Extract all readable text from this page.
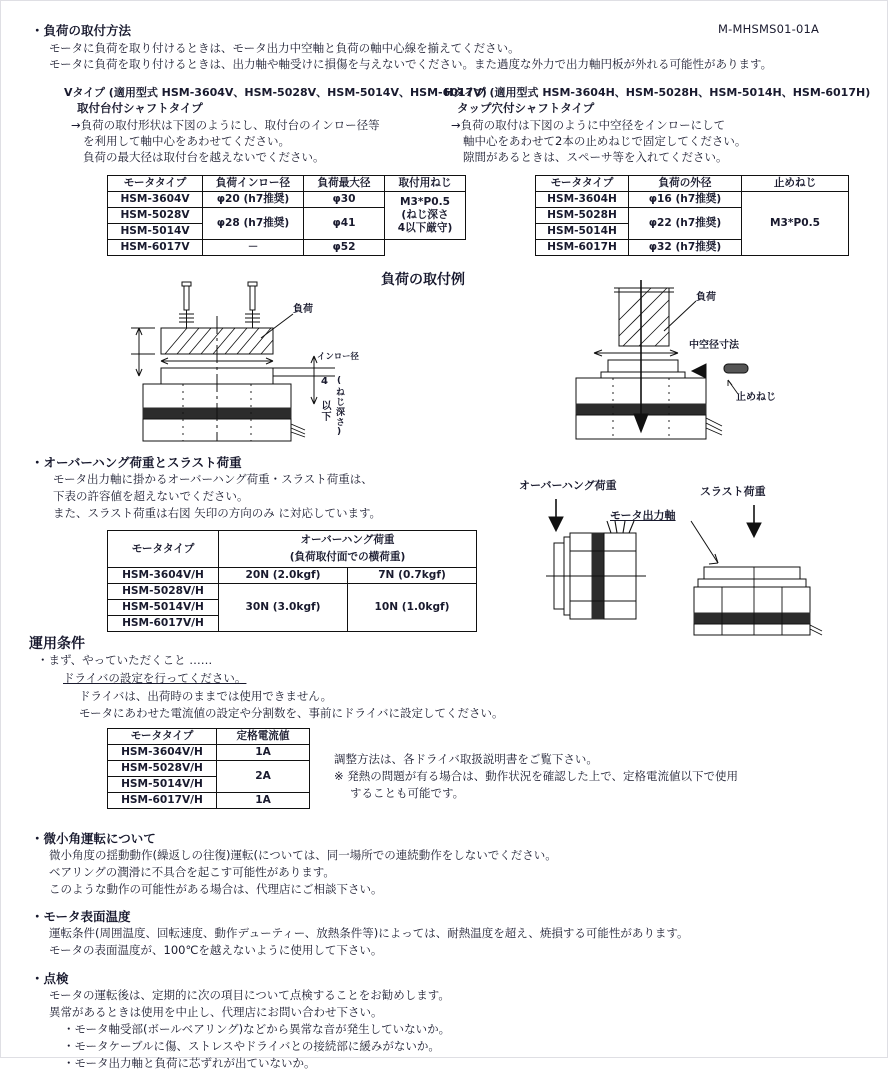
・負荷の取付方法	M-MHSMS01-01A
モータに負荷を取り付けるときは、モータ出力中空軸と負荷の軸中心線を揃えてください。
モータに負荷を取り付けるときは、出力軸や軸受けに損傷を与えないでください。また過度な外力で出力軸円板が外れる可能性があります。
Vタイプ (適用型式 HSM-3604V、HSM-5028V、HSM-5014V、HSM-6017V)
取付台付シャフトタイプ
→負荷の取付形状は下図のようにし、取付台のインロー径等
を利用して軸中心をあわせてください。
負荷の最大径は取付台を越えないでください。
Hタイプ (適用型式 HSM-3604H、HSM-5028H、HSM-5014H、HSM-6017H)
タップ穴付シャフトタイプ
→負荷の取付は下図のように中空径をインローにして
軸中心をあわせて2本の止めねじで固定してください。
隙間があるときは、スペーサ等を入れてください。
モータタイプ	負荷インロー径	負荷最大径	取付用ねじ
HSM-3604V	φ20 (h7推奨)	φ30	M3*P0.5
(ねじ深さ
4以下厳守)

HSM-5028V	φ28 (h7推奨)	φ41	
HSM-5014V			
HSM-6017V	－	φ52	
モータタイプ	負荷の外径	止めねじ
HSM-3604H	φ16 (h7推奨)	M3*P0.5
HSM-5028H	φ22 (h7推奨)	
HSM-5014H		
HSM-6017H	φ32 (h7推奨)	
負荷の取付例
負荷
インロー径
4 以下 (ねじ深さ)
負荷
中空径寸法
止めねじ
・オーバーハング荷重とスラスト荷重
モータ出力軸に掛かるオーバーハング荷重・スラスト荷重は、
下表の許容値を超えないでください。
また、スラスト荷重は右図 矢印の方向のみ に対応しています。
モータタイプ	オーバーハング荷重	
	(負荷取付面での横荷重)	
HSM-3604V/H	20N (2.0kgf)	7N (0.7kgf)
HSM-5028V/H	30N (3.0kgf)	10N (1.0kgf)
HSM-5014V/H		
HSM-6017V/H		
オーバーハング荷重
モータ出力軸
スラスト荷重
運用条件
・まず、やっていただくこと ……
ドライバの設定を行ってください。
ドライバは、出荷時のままでは使用できません。
モータにあわせた電流値の設定や分割数を、事前にドライバに設定してください。
モータタイプ	定格電流値
HSM-3604V/H	1A
HSM-5028V/H	2A
HSM-5014V/H	
HSM-6017V/H	1A
調整方法は、各ドライバ取扱説明書をご覧下さい。
※ 発熱の問題が有る場合は、動作状況を確認した上で、定格電流値以下で使用
することも可能です。
・微小角運転について
微小角度の揺動動作(繰返しの往復)運転(については、同一場所での連続動作をしないでください。
ベアリングの潤滑に不具合を起こす可能性があります。
このような動作の可能性がある場合は、代理店にご相談下さい。
・モータ表面温度
運転条件(周囲温度、回転速度、動作デューティー、放熱条件等)によっては、耐熱温度を超え、焼損する可能性があります。
モータの表面温度が、100℃を越えないように使用して下さい。
・点検
モータの運転後は、定期的に次の項目について点検することをお勧めします。
異常があるときは使用を中止し、代理店にお問い合わせ下さい。
・モータ軸受部(ボールベアリング)などから異常な音が発生していないか。
・モータケーブルに傷、ストレスやドライバとの接続部に緩みがないか。
・モータ出力軸と負荷に芯ずれが出ていないか。
